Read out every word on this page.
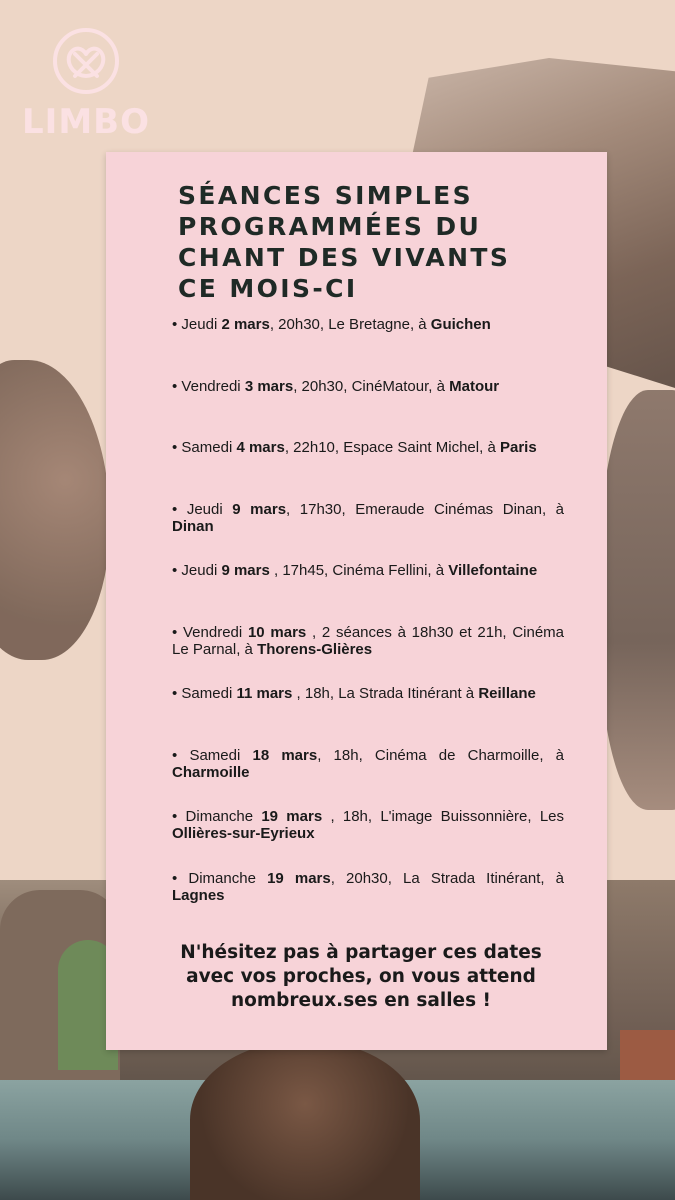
LIMBO
SÉANCES SIMPLES
PROGRAMMÉES DU
CHANT DES VIVANTS
CE MOIS-CI
• Jeudi 2 mars, 20h30, Le Bretagne, à Guichen
• Vendredi 3 mars, 20h30, CinéMatour, à Matour
• Samedi 4 mars, 22h10, Espace Saint Michel, à Paris
• Jeudi 9 mars, 17h30, Emeraude Cinémas Dinan, à Dinan
• Jeudi 9 mars , 17h45, Cinéma Fellini, à Villefontaine
• Vendredi 10 mars , 2 séances à 18h30 et 21h, Cinéma Le Parnal, à Thorens-Glières
• Samedi 11 mars , 18h, La Strada Itinérant à Reillane
• Samedi 18 mars, 18h, Cinéma de Charmoille, à Charmoille
• Dimanche 19 mars , 18h, L'image Buissonnière, Les Ollières-sur-Eyrieux
• Dimanche 19 mars, 20h30, La Strada Itinérant, à Lagnes

N'hésitez pas à partager ces dates
avec vos proches, on vous attend
nombreux.ses en salles !
